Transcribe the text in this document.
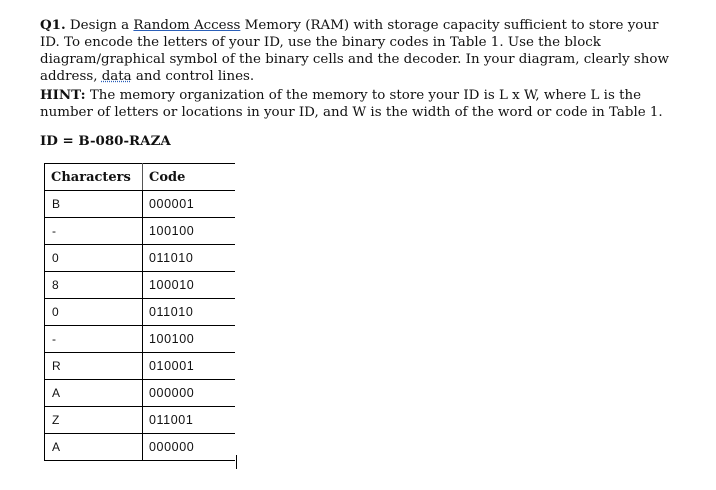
Q1. Design a Random Access Memory (RAM) with storage capacity sufficient to store your ID. To encode the letters of your ID, use the binary codes in Table 1. Use the block diagram/graphical symbol of the binary cells and the decoder. In your diagram, clearly show address, data and control lines.
HINT: The memory organization of the memory to store your ID is L x W, where L is the number of letters or locations in your ID, and W is the width of the word or code in Table 1.
ID = B-080-RAZA
Characters	Code
B	000001
-	100100
0	011010
8	100010
0	011010
-	100100
R	010001
A	000000
Z	011001
A	000000
